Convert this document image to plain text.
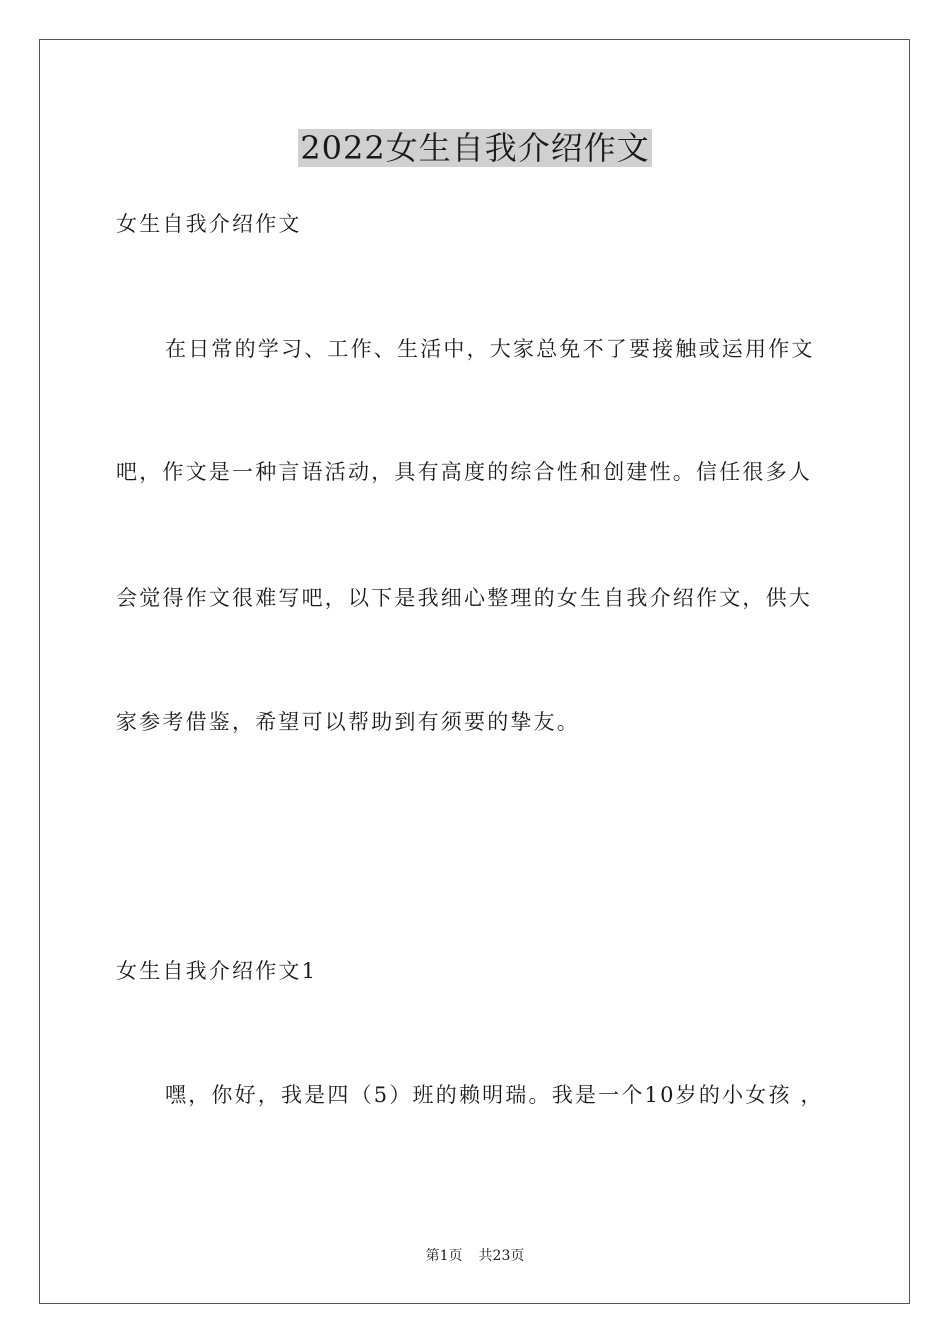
2022女生自我介绍作文
女生自我介绍作文
在日常的学习、工作、生活中，大家总免不了要接触或运用作文
吧，作文是一种言语活动，具有高度的综合性和创建性。信任很多人
会觉得作文很难写吧，以下是我细心整理的女生自我介绍作文，供大
家参考借鉴，希望可以帮助到有须要的挚友。
女生自我介绍作文1
嘿，你好，我是四（5）班的赖明瑞。我是一个10岁的小女孩 ，
第1页 共23页
